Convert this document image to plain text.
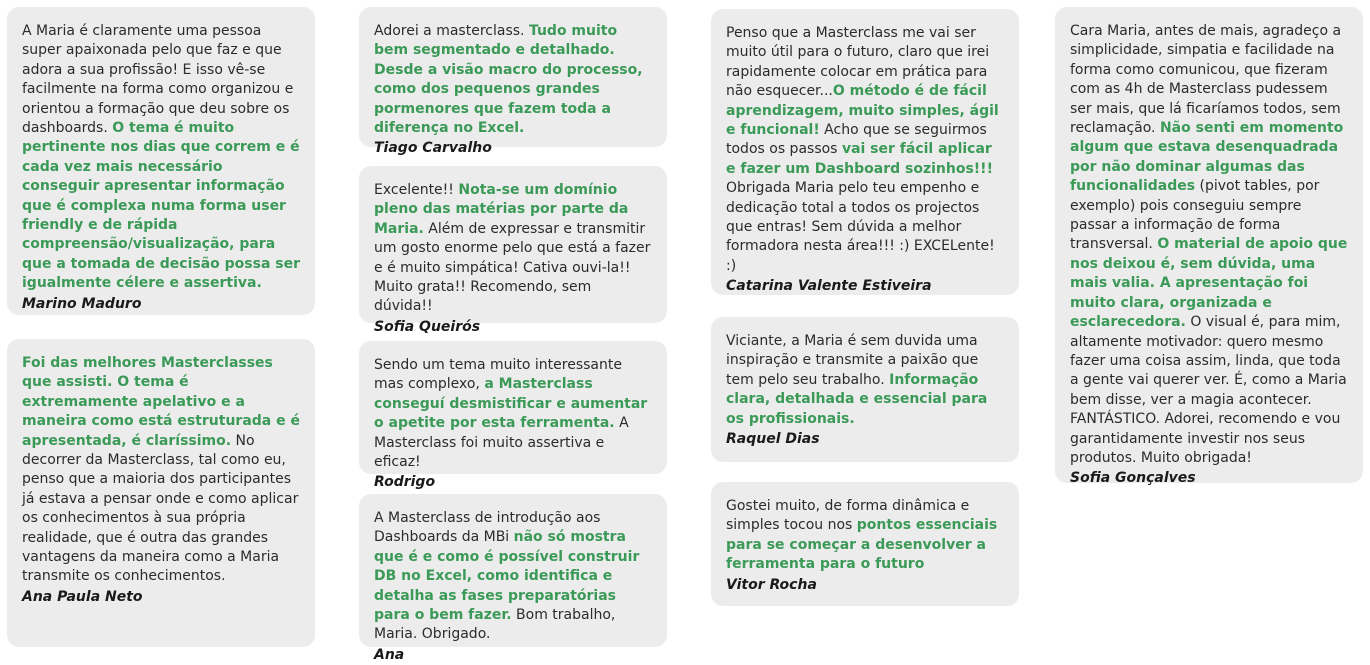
A Maria é claramente uma pessoa super apaixonada pelo que faz e que adora a sua profissão! E isso vê-se facilmente na forma como organizou e orientou a formação que deu sobre os dashboards. O tema é muito pertinente nos dias que correm e é cada vez mais necessário conseguir apresentar informação que é complexa numa forma user friendly e de rápida compreensão/visualização, para que a tomada de decisão possa ser igualmente célere e assertiva.

Marino Maduro

Foi das melhores Masterclasses que assisti. O tema é extremamente apelativo e a maneira como está estruturada e é apresentada, é claríssimo. No decorrer da Masterclass, tal como eu, penso que a maioria dos participantes já estava a pensar onde e como aplicar os conhecimentos à sua própria realidade, que é outra das grandes vantagens da maneira como a Maria transmite os conhecimentos.

Ana Paula Neto

Adorei a masterclass. Tudo muito bem segmentado e detalhado. Desde a visão macro do processo, como dos pequenos grandes pormenores que fazem toda a diferença no Excel.

Tiago Carvalho

Excelente!! Nota-se um domínio pleno das matérias por parte da Maria. Além de expressar e transmitir um gosto enorme pelo que está a fazer e é muito simpática! Cativa ouvi-la!! Muito grata!! Recomendo, sem dúvida!!

Sofia Queirós

Sendo um tema muito interessante mas complexo, a Masterclass conseguí desmistificar e aumentar o apetite por esta ferramenta. A Masterclass foi muito assertiva e eficaz!

Rodrigo

A Masterclass de introdução aos Dashboards da MBi não só mostra que é e como é possível construir DB no Excel, como identifica e detalha as fases preparatórias para o bem fazer. Bom trabalho, Maria. Obrigado.

Ana

Penso que a Masterclass me vai ser muito útil para o futuro, claro que irei rapidamente colocar em prática para não esquecer...O método é de fácil aprendizagem, muito simples, ágil e funcional! Acho que se seguirmos todos os passos vai ser fácil aplicar e fazer um Dashboard sozinhos!!! Obrigada Maria pelo teu empenho e dedicação total a todos os projectos que entras! Sem dúvida a melhor formadora nesta área!!! :) EXCELente! :)

Catarina Valente Estiveira

Viciante, a Maria é sem duvida uma inspiração e transmite a paixão que tem pelo seu trabalho. Informação clara, detalhada e essencial para os profissionais.

Raquel Dias

Gostei muito, de forma dinâmica e simples tocou nos pontos essenciais para se começar a desenvolver a ferramenta para o futuro

Vitor Rocha

Cara Maria, antes de mais, agradeço a simplicidade, simpatia e facilidade na forma como comunicou, que fizeram com as 4h de Masterclass pudessem ser mais, que lá ficaríamos todos, sem reclamação. Não senti em momento algum que estava desenquadrada por não dominar algumas das funcionalidades (pivot tables, por exemplo) pois conseguiu sempre passar a informação de forma transversal. O material de apoio que nos deixou é, sem dúvida, uma mais valia. A apresentação foi muito clara, organizada e esclarecedora. O visual é, para mim, altamente motivador: quero mesmo fazer uma coisa assim, linda, que toda a gente vai querer ver. É, como a Maria bem disse, ver a magia acontecer. FANTÁSTICO. Adorei, recomendo e vou garantidamente investir nos seus produtos. Muito obrigada!

Sofia Gonçalves
